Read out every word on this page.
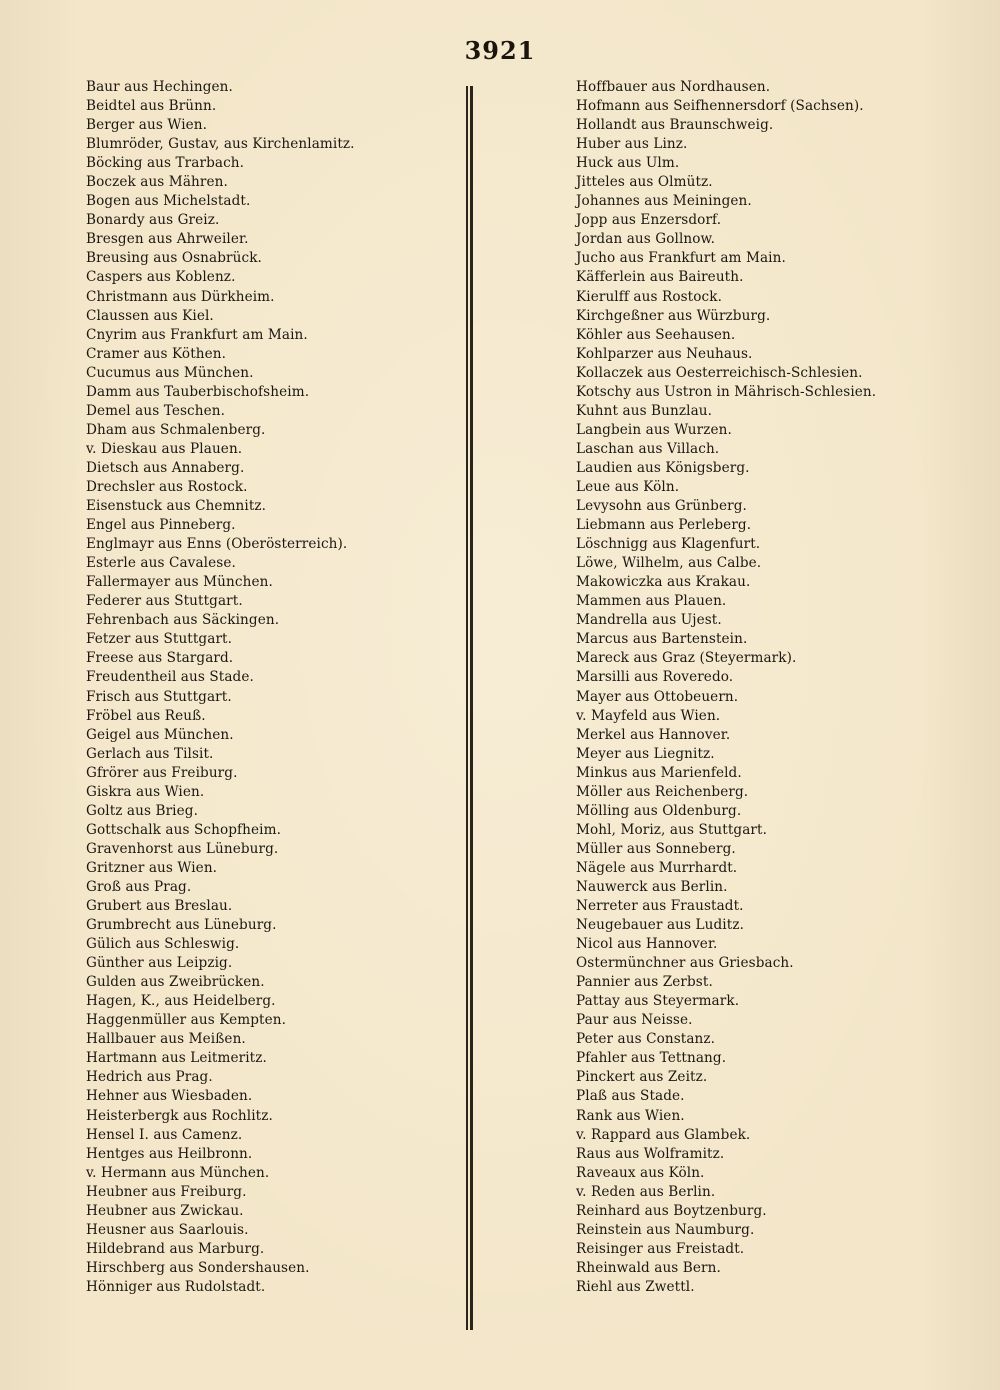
3921
Baur aus Hechingen.
Beidtel aus Brünn.
Berger aus Wien.
Blumröder, Gustav, aus Kirchenlamitz.
Böcking aus Trarbach.
Boczek aus Mähren.
Bogen aus Michelstadt.
Bonardy aus Greiz.
Bresgen aus Ahrweiler.
Breusing aus Osnabrück.
Caspers aus Koblenz.
Christmann aus Dürkheim.
Claussen aus Kiel.
Cnyrim aus Frankfurt am Main.
Cramer aus Köthen.
Cucumus aus München.
Damm aus Tauberbischofsheim.
Demel aus Teschen.
Dham aus Schmalenberg.
v. Dieskau aus Plauen.
Dietsch aus Annaberg.
Drechsler aus Rostock.
Eisenstuck aus Chemnitz.
Engel aus Pinneberg.
Englmayr aus Enns (Oberösterreich).
Esterle aus Cavalese.
Fallermayer aus München.
Federer aus Stuttgart.
Fehrenbach aus Säckingen.
Fetzer aus Stuttgart.
Freese aus Stargard.
Freudentheil aus Stade.
Frisch aus Stuttgart.
Fröbel aus Reuß.
Geigel aus München.
Gerlach aus Tilsit.
Gfrörer aus Freiburg.
Giskra aus Wien.
Goltz aus Brieg.
Gottschalk aus Schopfheim.
Gravenhorst aus Lüneburg.
Gritzner aus Wien.
Groß aus Prag.
Grubert aus Breslau.
Grumbrecht aus Lüneburg.
Gülich aus Schleswig.
Günther aus Leipzig.
Gulden aus Zweibrücken.
Hagen, K., aus Heidelberg.
Haggenmüller aus Kempten.
Hallbauer aus Meißen.
Hartmann aus Leitmeritz.
Hedrich aus Prag.
Hehner aus Wiesbaden.
Heisterbergk aus Rochlitz.
Hensel I. aus Camenz.
Hentges aus Heilbronn.
v. Hermann aus München.
Heubner aus Freiburg.
Heubner aus Zwickau.
Heusner aus Saarlouis.
Hildebrand aus Marburg.
Hirschberg aus Sondershausen.
Hönniger aus Rudolstadt.
Hoffbauer aus Nordhausen.
Hofmann aus Seifhennersdorf (Sachsen).
Hollandt aus Braunschweig.
Huber aus Linz.
Huck aus Ulm.
Jitteles aus Olmütz.
Johannes aus Meiningen.
Jopp aus Enzersdorf.
Jordan aus Gollnow.
Jucho aus Frankfurt am Main.
Käfferlein aus Baireuth.
Kierulff aus Rostock.
Kirchgeßner aus Würzburg.
Köhler aus Seehausen.
Kohlparzer aus Neuhaus.
Kollaczek aus Oesterreichisch-Schlesien.
Kotschy aus Ustron in Mährisch-Schlesien.
Kuhnt aus Bunzlau.
Langbein aus Wurzen.
Laschan aus Villach.
Laudien aus Königsberg.
Leue aus Köln.
Levysohn aus Grünberg.
Liebmann aus Perleberg.
Löschnigg aus Klagenfurt.
Löwe, Wilhelm, aus Calbe.
Makowiczka aus Krakau.
Mammen aus Plauen.
Mandrella aus Ujest.
Marcus aus Bartenstein.
Mareck aus Graz (Steyermark).
Marsilli aus Roveredo.
Mayer aus Ottobeuern.
v. Mayfeld aus Wien.
Merkel aus Hannover.
Meyer aus Liegnitz.
Minkus aus Marienfeld.
Möller aus Reichenberg.
Mölling aus Oldenburg.
Mohl, Moriz, aus Stuttgart.
Müller aus Sonneberg.
Nägele aus Murrhardt.
Nauwerck aus Berlin.
Nerreter aus Fraustadt.
Neugebauer aus Luditz.
Nicol aus Hannover.
Ostermünchner aus Griesbach.
Pannier aus Zerbst.
Pattay aus Steyermark.
Paur aus Neisse.
Peter aus Constanz.
Pfahler aus Tettnang.
Pinckert aus Zeitz.
Plaß aus Stade.
Rank aus Wien.
v. Rappard aus Glambek.
Raus aus Wolframitz.
Raveaux aus Köln.
v. Reden aus Berlin.
Reinhard aus Boytzenburg.
Reinstein aus Naumburg.
Reisinger aus Freistadt.
Rheinwald aus Bern.
Riehl aus Zwettl.
